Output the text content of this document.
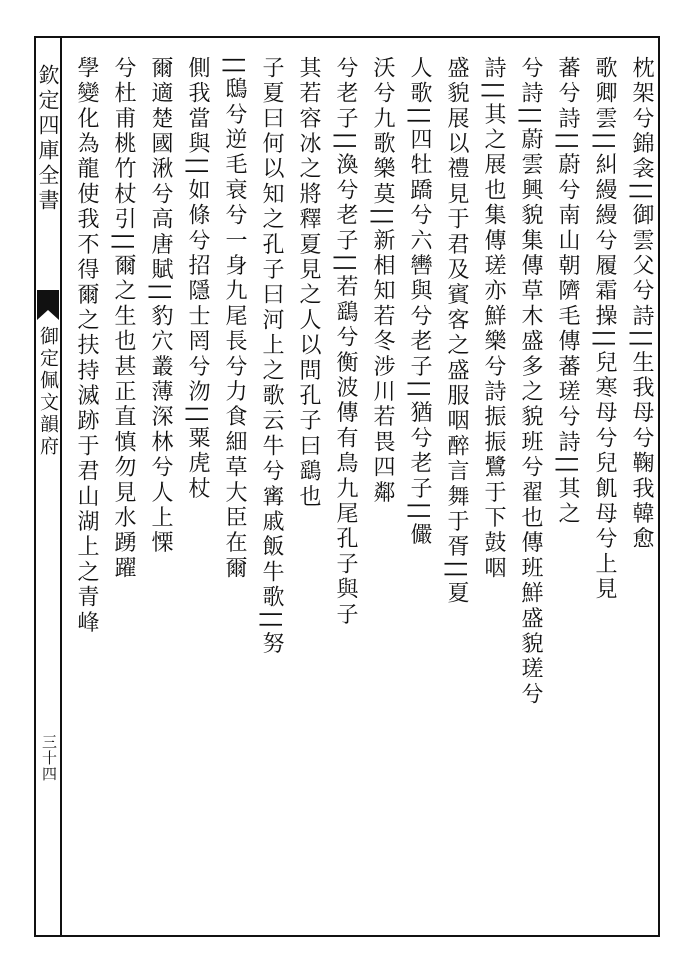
欽定四庫全書
御定佩文韻府
三十四
枕架兮錦衾||御雲父兮詩||生我母兮鞠我韓愈
歌卿雲||糾縵縵兮履霜操||兒寒母兮兒飢母兮上見
蕃兮詩||蔚兮南山朝隮毛傳蕃瑳兮詩||其之
兮詩||蔚雲興貌集傳草木盛多之貌班兮翟也傳班鮮盛貌瑳兮
詩||其之展也集傳瑳亦鮮樂兮詩振振鷺于下鼓咽
盛貌展以禮見于君及賓客之盛服咽醉言舞于胥||夏
人歌||四牡蹻兮六轡與兮老子||猶兮老子||儼
沃兮九歌樂莫||新相知若冬涉川若畏四鄰
兮老子||渙兮老子||若鷂兮衡波傳有鳥九尾孔子與子
其若容冰之將釋夏見之人以問孔子曰鷂也
子夏曰何以知之孔子曰河上之歌云牛兮寗戚飯牛歌||努
||鴟兮逆毛衰兮一身九尾長兮力食細草大臣在爾
側我當與||如條兮招隱士罔兮沕||粟虎杖
爾適楚國湫兮高唐賦||豹穴叢薄深林兮人上慄
兮杜甫桃竹杖引||爾之生也甚正直慎勿見水踴躍
學變化為龍使我不得爾之扶持滅跡于君山湖上之青峰
